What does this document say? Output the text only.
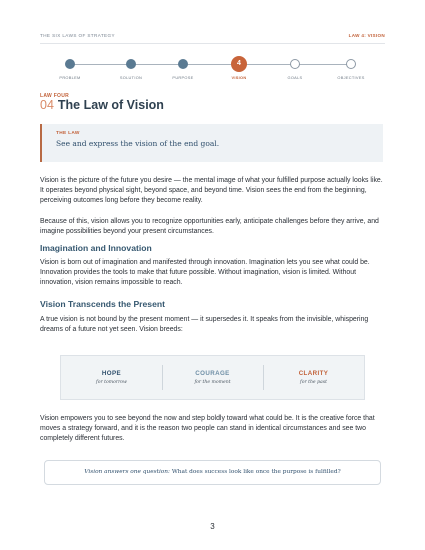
THE SIX LAWS OF STRATEGY	LAW 4: VISION
PROBLEM	SOLUTION	PURPOSE
4
VISION	GOALS	OBJECTIVES
LAW FOUR
04 The Law of Vision
THE LAW
See and express the vision of the end goal.

Vision is the picture of the future you desire — the mental image of what your fulfilled purpose actually looks like. It operates beyond physical sight, beyond space, and beyond time. Vision sees the end from the beginning, perceiving outcomes long before they become reality.

Because of this, vision allows you to recognize opportunities early, anticipate challenges before they arrive, and imagine possibilities beyond your present circumstances.

Imagination and Innovation

Vision is born out of imagination and manifested through innovation. Imagination lets you see what could be. Innovation provides the tools to make that future possible. Without imagination, vision is limited. Without innovation, vision remains impossible to reach.

Vision Transcends the Present

A true vision is not bound by the present moment — it supersedes it. It speaks from the invisible, whispering dreams of a future not yet seen. Vision breeds:

HOPE
for tomorrow
COURAGE
for the moment
CLARITY
for the past

Vision empowers you to see beyond the now and step boldly toward what could be. It is the creative force that moves a strategy forward, and it is the reason two people can stand in identical circumstances and see two completely different futures.

Vision answers one question: What does success look like once the purpose is fulfilled?
3
